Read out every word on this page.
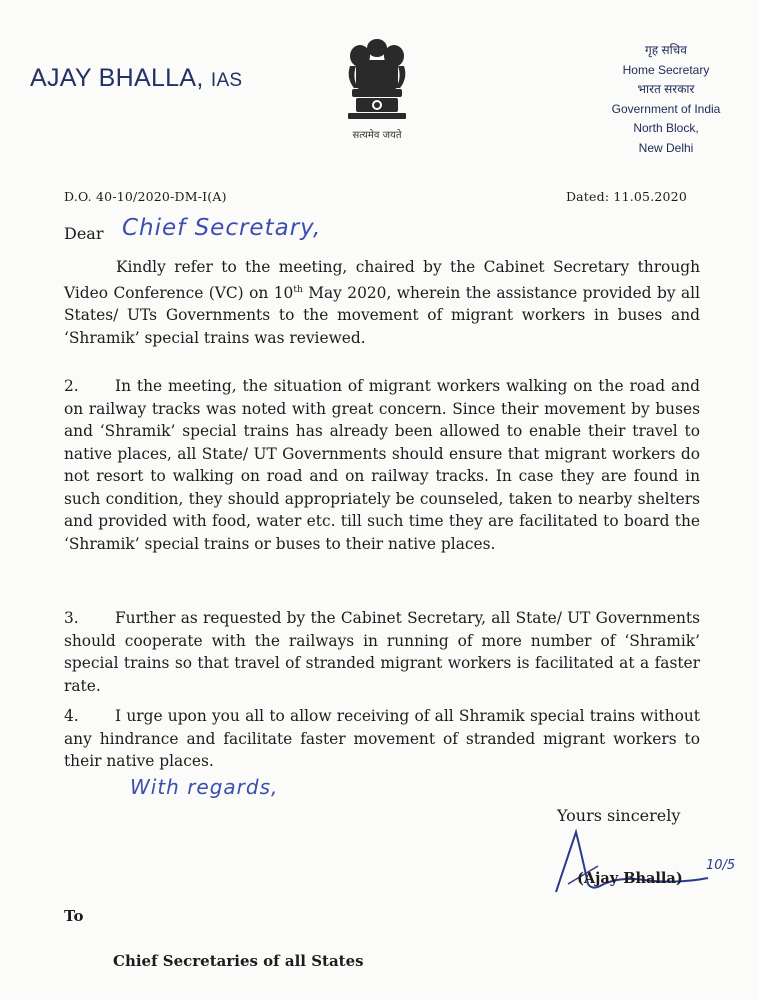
AJAY BHALLA, IAS
सत्यमेव जयते
गृह सचिव
Home Secretary
भारत सरकार
Government of India
North Block,
New Delhi
D.O. 40-10/2020-DM-I(A)	Dated: 11.05.2020
Dear Chief Secretary,
Kindly refer to the meeting, chaired by the Cabinet Secretary through Video Conference (VC) on 10th May 2020, wherein the assistance provided by all States/ UTs Governments to the movement of migrant workers in buses and ‘Shramik’ special trains was reviewed.
2. In the meeting, the situation of migrant workers walking on the road and on railway tracks was noted with great concern. Since their movement by buses and ‘Shramik’ special trains has already been allowed to enable their travel to native places, all State/ UT Governments should ensure that migrant workers do not resort to walking on road and on railway tracks. In case they are found in such condition, they should appropriately be counseled, taken to nearby shelters and provided with food, water etc. till such time they are facilitated to board the ‘Shramik’ special trains or buses to their native places.
3. Further as requested by the Cabinet Secretary, all State/ UT Governments should cooperate with the railways in running of more number of ‘Shramik’ special trains so that travel of stranded migrant workers is facilitated at a faster rate.
4. I urge upon you all to allow receiving of all Shramik special trains without any hindrance and facilitate faster movement of stranded migrant workers to their native places.
With regards,
Yours sincerely
(Ajay Bhalla)
10/5
To
Chief Secretaries of all States
